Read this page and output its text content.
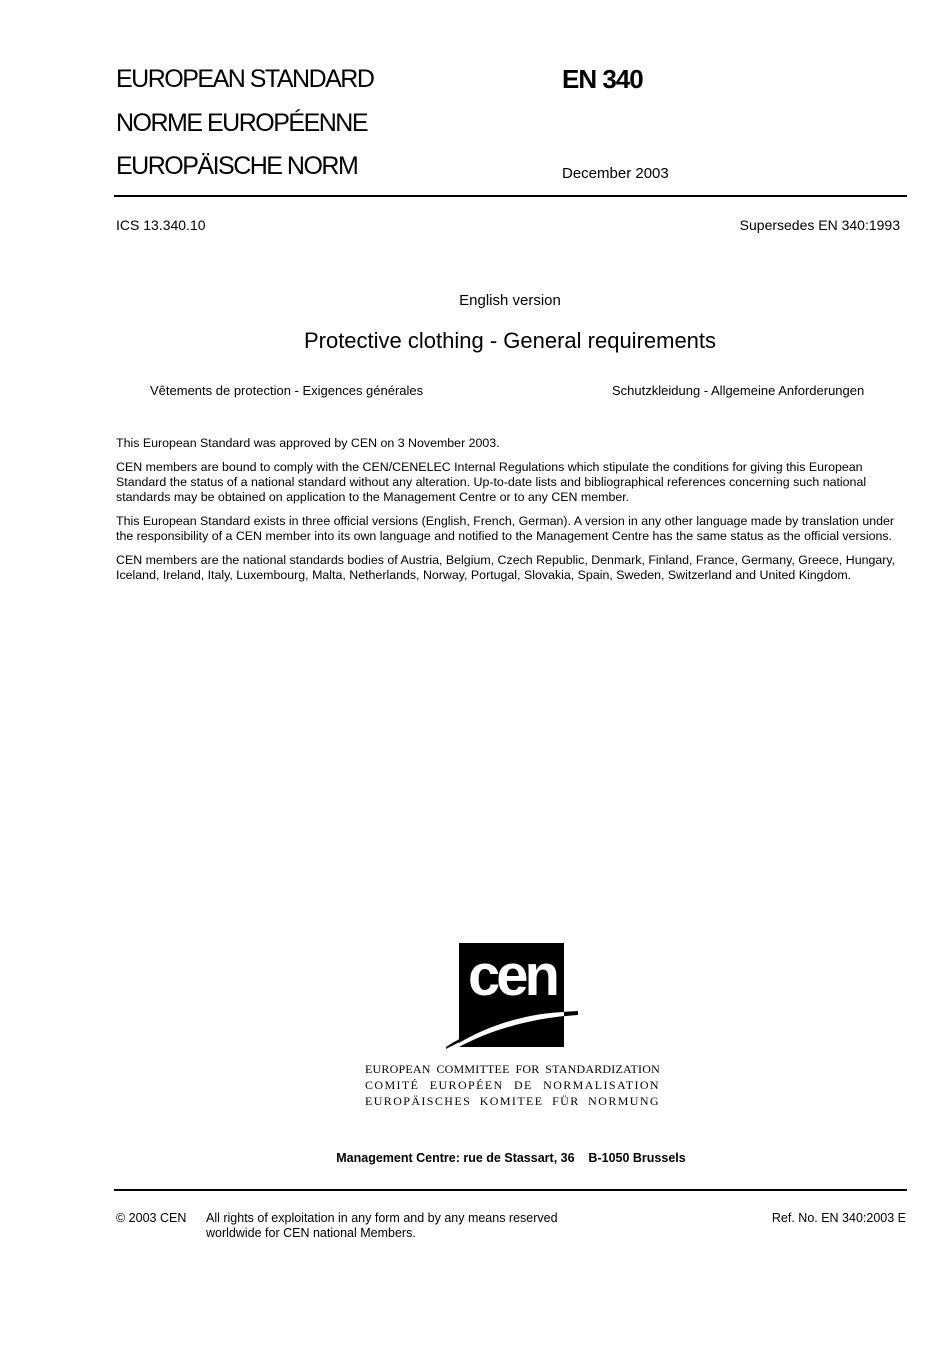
EUROPEAN STANDARD
NORME EUROPÉENNE
EUROPÄISCHE NORM
EN 340
December 2003
ICS 13.340.10	Supersedes EN 340:1993
English version
Protective clothing - General requirements
Vêtements de protection - Exigences générales	Schutzkleidung - Allgemeine Anforderungen

This European Standard was approved by CEN on 3 November 2003.

CEN members are bound to comply with the CEN/CENELEC Internal Regulations which stipulate the conditions for giving this European Standard the status of a national standard without any alteration. Up-to-date lists and bibliographical references concerning such national standards may be obtained on application to the Management Centre or to any CEN member.

This European Standard exists in three official versions (English, French, German). A version in any other language made by translation under the responsibility of a CEN member into its own language and notified to the Management Centre has the same status as the official versions.

CEN members are the national standards bodies of Austria, Belgium, Czech Republic, Denmark, Finland, France, Germany, Greece, Hungary, Iceland, Ireland, Italy, Luxembourg, Malta, Netherlands, Norway, Portugal, Slovakia, Spain, Sweden, Switzerland and United Kingdom.

cen
EUROPEAN COMMITTEE FOR STANDARDIZATION
COMITÉ EUROPÉEN DE NORMALISATION
EUROPÄISCHES KOMITEE FÜR NORMUNG
Management Centre: rue de Stassart, 36    B-1050 Brussels
© 2003 CEN All rights of exploitation in any form and by any means reserved
worldwide for CEN national Members.
Ref. No. EN 340:2003 E
